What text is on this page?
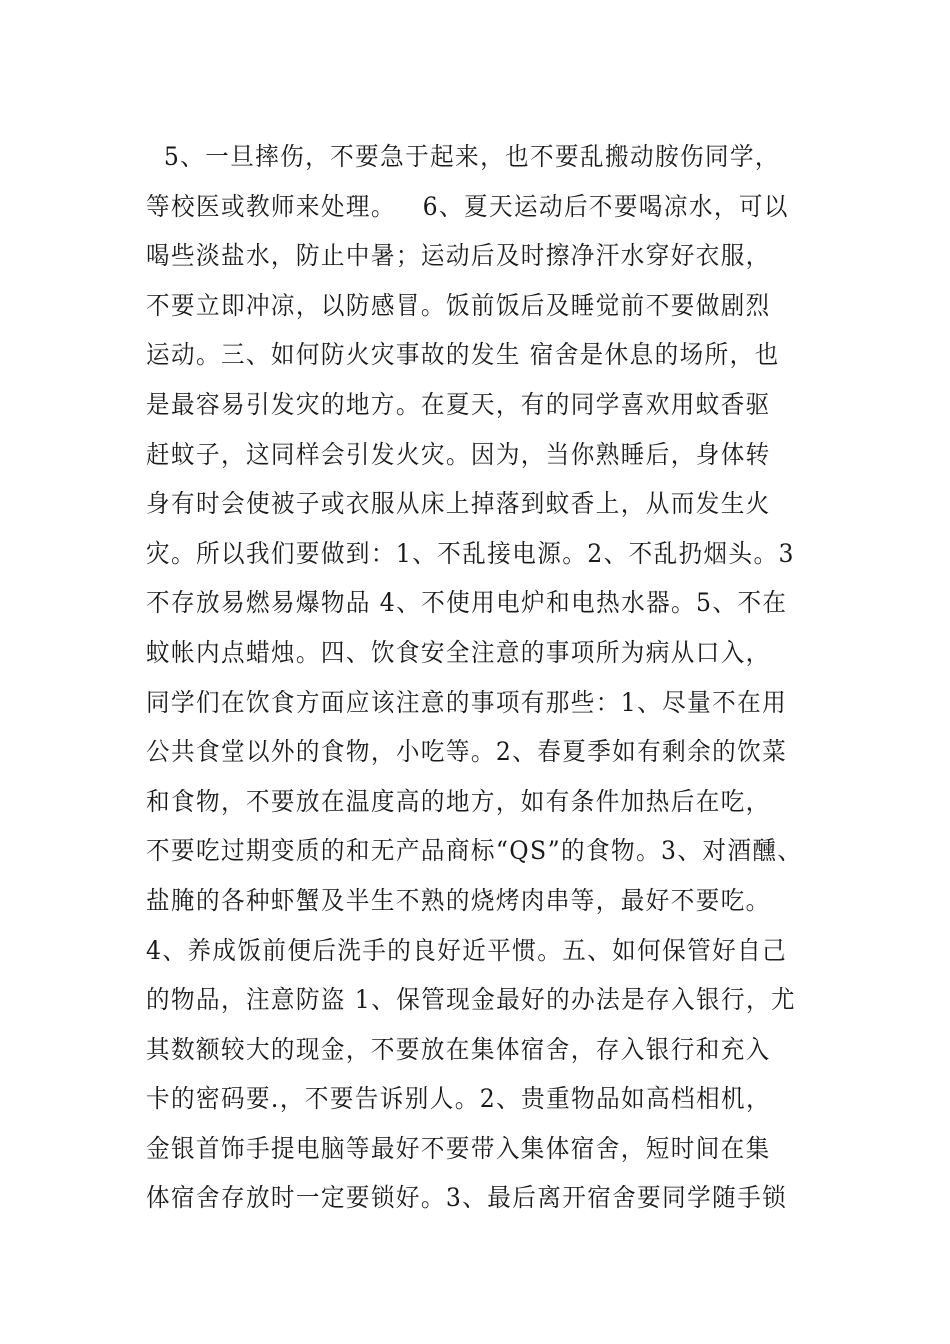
5、一旦摔伤，不要急于起来，也不要乱搬动胺伤同学，
等校医或教师来处理。   6、夏天运动后不要喝凉水，可以
喝些淡盐水，防止中暑；运动后及时擦净汗水穿好衣服，
不要立即冲凉，以防感冒。饭前饭后及睡觉前不要做剧烈
运动。三、如何防火灾事故的发生 宿舍是休息的场所，也
是最容易引发灾的地方。在夏天，有的同学喜欢用蚊香驱
赶蚊子，这同样会引发火灾。因为，当你熟睡后，身体转
身有时会使被子或衣服从床上掉落到蚊香上，从而发生火
灾。所以我们要做到：1、不乱接电源。2、不乱扔烟头。3
不存放易燃易爆物品 4、不使用电炉和电热水器。5、不在
蚊帐内点蜡烛。四、饮食安全注意的事项所为病从口入，
同学们在饮食方面应该注意的事项有那些：1、尽量不在用
公共食堂以外的食物，小吃等。2、春夏季如有剩余的饮菜
和食物，不要放在温度高的地方，如有条件加热后在吃，
不要吃过期变质的和无产品商标“QS”的食物。3、对酒醺、
盐腌的各种虾蟹及半生不熟的烧烤肉串等，最好不要吃。
4、养成饭前便后洗手的良好近平惯。五、如何保管好自己
的物品，注意防盗 1、保管现金最好的办法是存入银行，尤
其数额较大的现金，不要放在集体宿舍，存入银行和充入
卡的密码要.，不要告诉别人。2、贵重物品如高档相机，
金银首饰手提电脑等最好不要带入集体宿舍，短时间在集
体宿舍存放时一定要锁好。3、最后离开宿舍要同学随手锁
